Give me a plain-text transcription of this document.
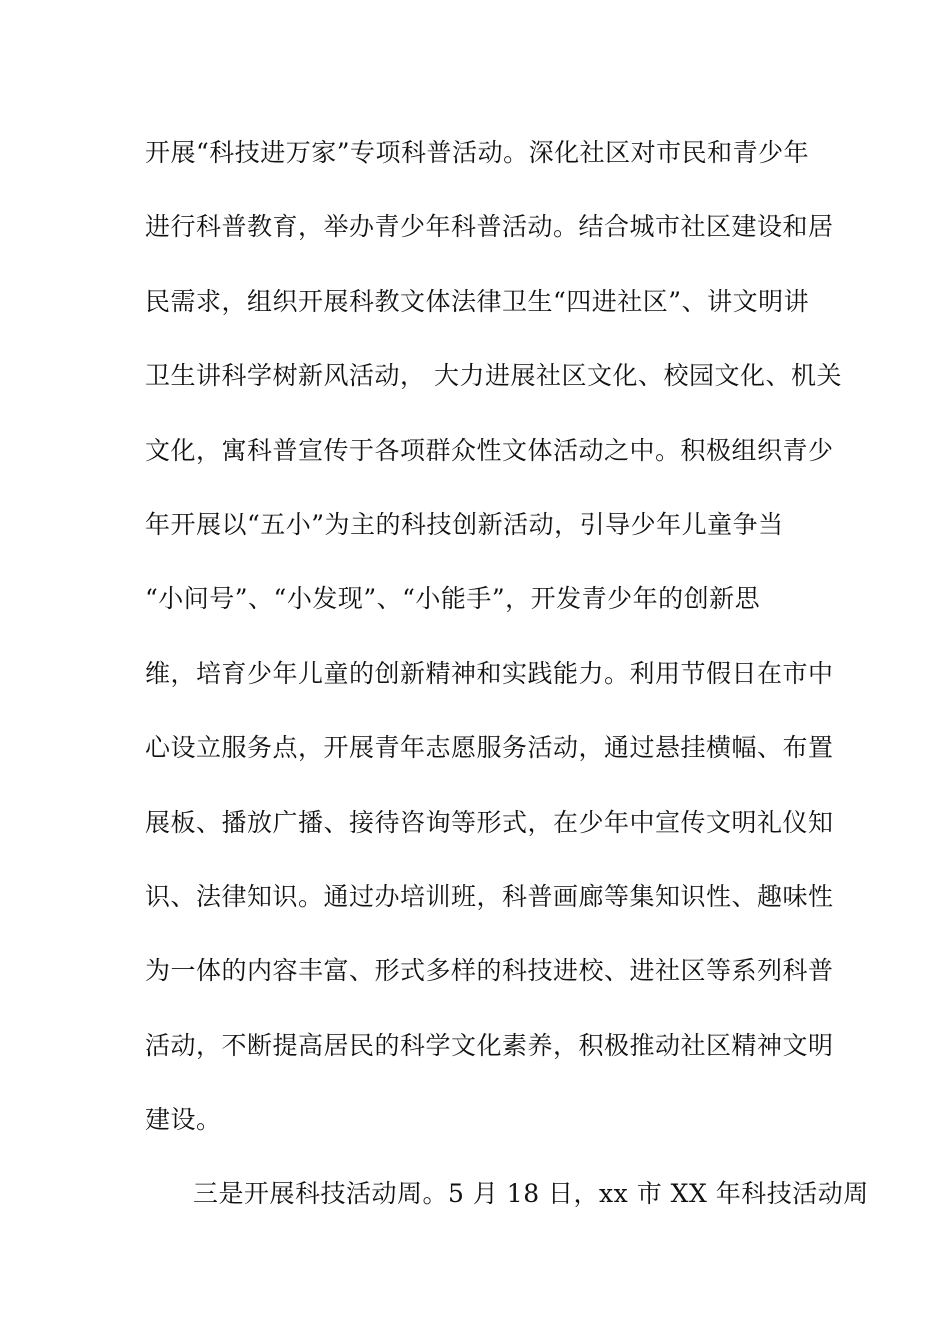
开展“科技进万家”专项科普活动。深化社区对市民和青少年
进行科普教育，举办青少年科普活动。结合城市社区建设和居
民需求，组织开展科教文体法律卫生“四进社区”、讲文明讲
卫生讲科学树新风活动， 大力进展社区文化、校园文化、机关
文化，寓科普宣传于各项群众性文体活动之中。积极组织青少
年开展以“五小”为主的科技创新活动，引导少年儿童争当
“小问号”、“小发现”、“小能手”，开发青少年的创新思
维，培育少年儿童的创新精神和实践能力。利用节假日在市中
心设立服务点，开展青年志愿服务活动，通过悬挂横幅、布置
展板、播放广播、接待咨询等形式，在少年中宣传文明礼仪知
识、法律知识。通过办培训班，科普画廊等集知识性、趣味性
为一体的内容丰富、形式多样的科技进校、进社区等系列科普
活动，不断提高居民的科学文化素养，积极推动社区精神文明
建设。
三是开展科技活动周。5 月 18 日，xx 市 XX 年科技活动周
